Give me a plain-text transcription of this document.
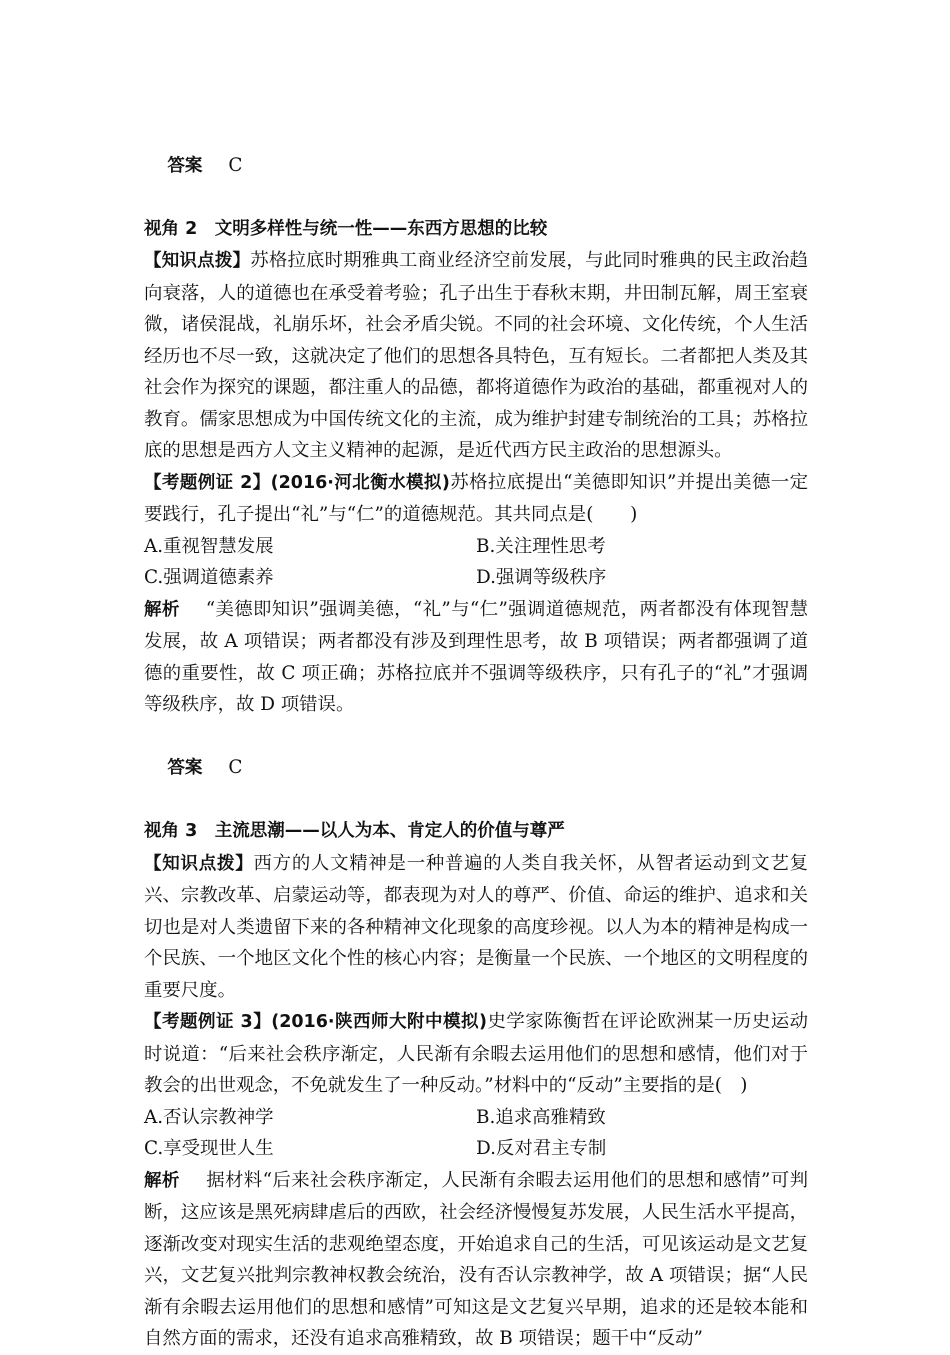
答案 C

视角 2　文明多样性与统一性——东西方思想的比较
【知识点拨】苏格拉底时期雅典工商业经济空前发展，与此同时雅典的民主政治趋向衰落，人的道德也在承受着考验；孔子出生于春秋末期，井田制瓦解，周王室衰微，诸侯混战，礼崩乐坏，社会矛盾尖锐。不同的社会环境、文化传统，个人生活经历也不尽一致，这就决定了他们的思想各具特色，互有短长。二者都把人类及其社会作为探究的课题，都注重人的品德，都将道德作为政治的基础，都重视对人的教育。儒家思想成为中国传统文化的主流，成为维护封建专制统治的工具；苏格拉底的思想是西方人文主义精神的起源，是近代西方民主政治的思想源头。
【考题例证 2】(2016·河北衡水模拟)苏格拉底提出“美德即知识”并提出美德一定要践行，孔子提出“礼”与“仁”的道德规范。其共同点是(　　)
A.重视智慧发展	B.关注理性思考
C.强调道德素养	D.强调等级秩序
解析 “美德即知识”强调美德，“礼”与“仁”强调道德规范，两者都没有体现智慧发展，故 A 项错误；两者都没有涉及到理性思考，故 B 项错误；两者都强调了道德的重要性，故 C 项正确；苏格拉底并不强调等级秩序，只有孔子的“礼”才强调等级秩序，故 D 项错误。

答案 C

视角 3　主流思潮——以人为本、肯定人的价值与尊严
【知识点拨】西方的人文精神是一种普遍的人类自我关怀，从智者运动到文艺复兴、宗教改革、启蒙运动等，都表现为对人的尊严、价值、命运的维护、追求和关切也是对人类遗留下来的各种精神文化现象的高度珍视。以人为本的精神是构成一个民族、一个地区文化个性的核心内容；是衡量一个民族、一个地区的文明程度的重要尺度。
【考题例证 3】(2016·陕西师大附中模拟)史学家陈衡哲在评论欧洲某一历史运动时说道：“后来社会秩序渐定，人民渐有余暇去运用他们的思想和感情，他们对于教会的出世观念，不免就发生了一种反动。”材料中的“反动”主要指的是(　)
A.否认宗教神学	B.追求高雅精致
C.享受现世人生	D.反对君主专制
解析 据材料“后来社会秩序渐定，人民渐有余暇去运用他们的思想和感情”可判断，这应该是黑死病肆虐后的西欧，社会经济慢慢复苏发展，人民生活水平提高，逐渐改变对现实生活的悲观绝望态度，开始追求自己的生活，可见该运动是文艺复兴，文艺复兴批判宗教神权教会统治，没有否认宗教神学，故 A 项错误；据“人民渐有余暇去运用他们的思想和感情”可知这是文艺复兴早期，追求的还是较本能和自然方面的需求，还没有追求高雅精致，故 B 项错误；题干中“反动”
